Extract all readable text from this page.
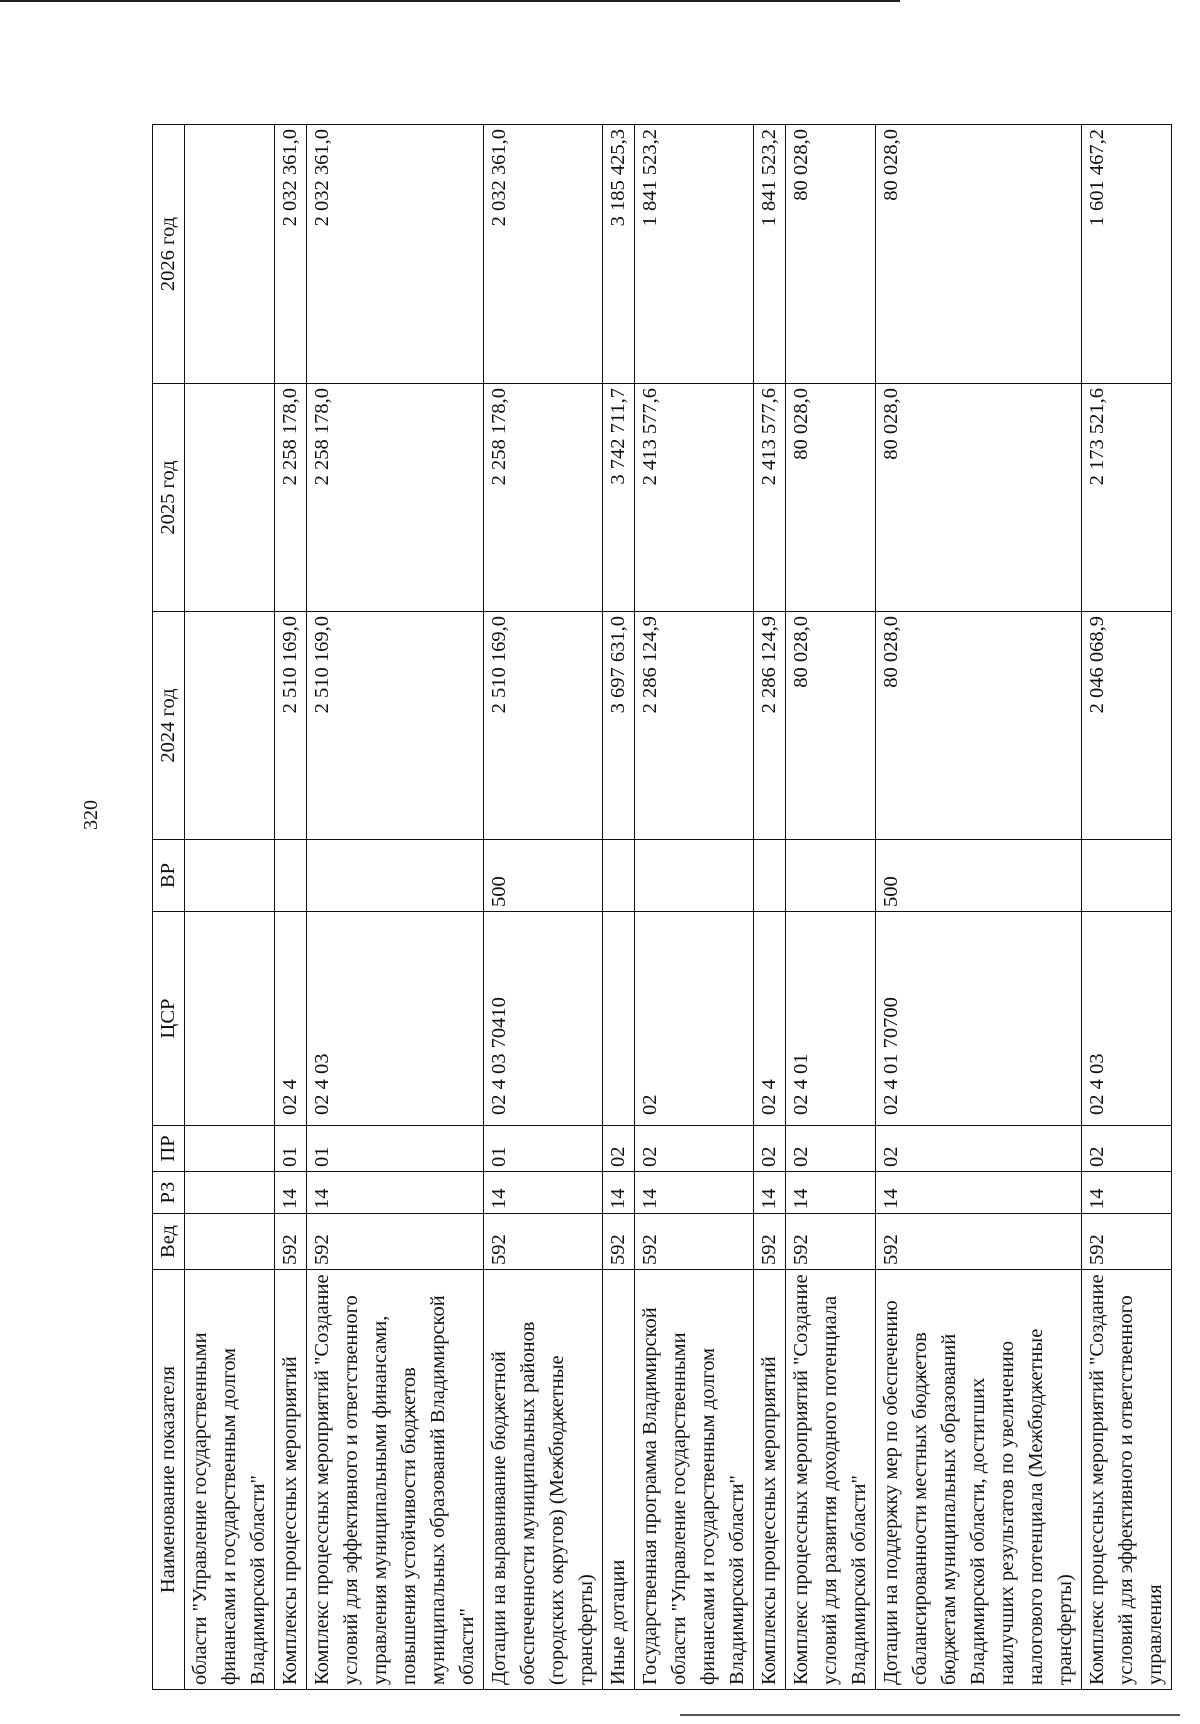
320
Наименование показателя	Вед	РЗ	ПР	ЦСР	ВР	2024 год	2025 год	2026 год
области "Управление государственными финансами и государственным долгом Владимирской области"								
Комплексы процессных мероприятий	592	14	01	02 4		2 510 169,0	2 258 178,0	2 032 361,0
Комплекс процессных мероприятий "Создание условий для эффективного и ответственного управления муниципальными финансами, повышения устойчивости бюджетов муниципальных образований Владимирской области"	592	14	01	02 4 03		2 510 169,0	2 258 178,0	2 032 361,0
Дотации на выравнивание бюджетной обеспеченности муниципальных районов (городских округов) (Межбюджетные трансферты)	592	14	01	02 4 03 70410	500	2 510 169,0	2 258 178,0	2 032 361,0
Иные дотации	592	14	02			3 697 631,0	3 742 711,7	3 185 425,3
Государственная программа Владимирской области "Управление государственными финансами и государственным долгом Владимирской области"	592	14	02	02		2 286 124,9	2 413 577,6	1 841 523,2
Комплексы процессных мероприятий	592	14	02	02 4		2 286 124,9	2 413 577,6	1 841 523,2
Комплекс процессных мероприятий "Создание условий для развития доходного потенциала Владимирской области"	592	14	02	02 4 01		80 028,0	80 028,0	80 028,0
Дотации на поддержку мер по обеспечению сбалансированности местных бюджетов бюджетам муниципальных образований Владимирской области, достигших наилучших результатов по увеличению налогового потенциала (Межбюджетные трансферты)	592	14	02	02 4 01 70700	500	80 028,0	80 028,0	80 028,0
Комплекс процессных мероприятий "Создание условий для эффективного и ответственного управления	592	14	02	02 4 03		2 046 068,9	2 173 521,6	1 601 467,2
